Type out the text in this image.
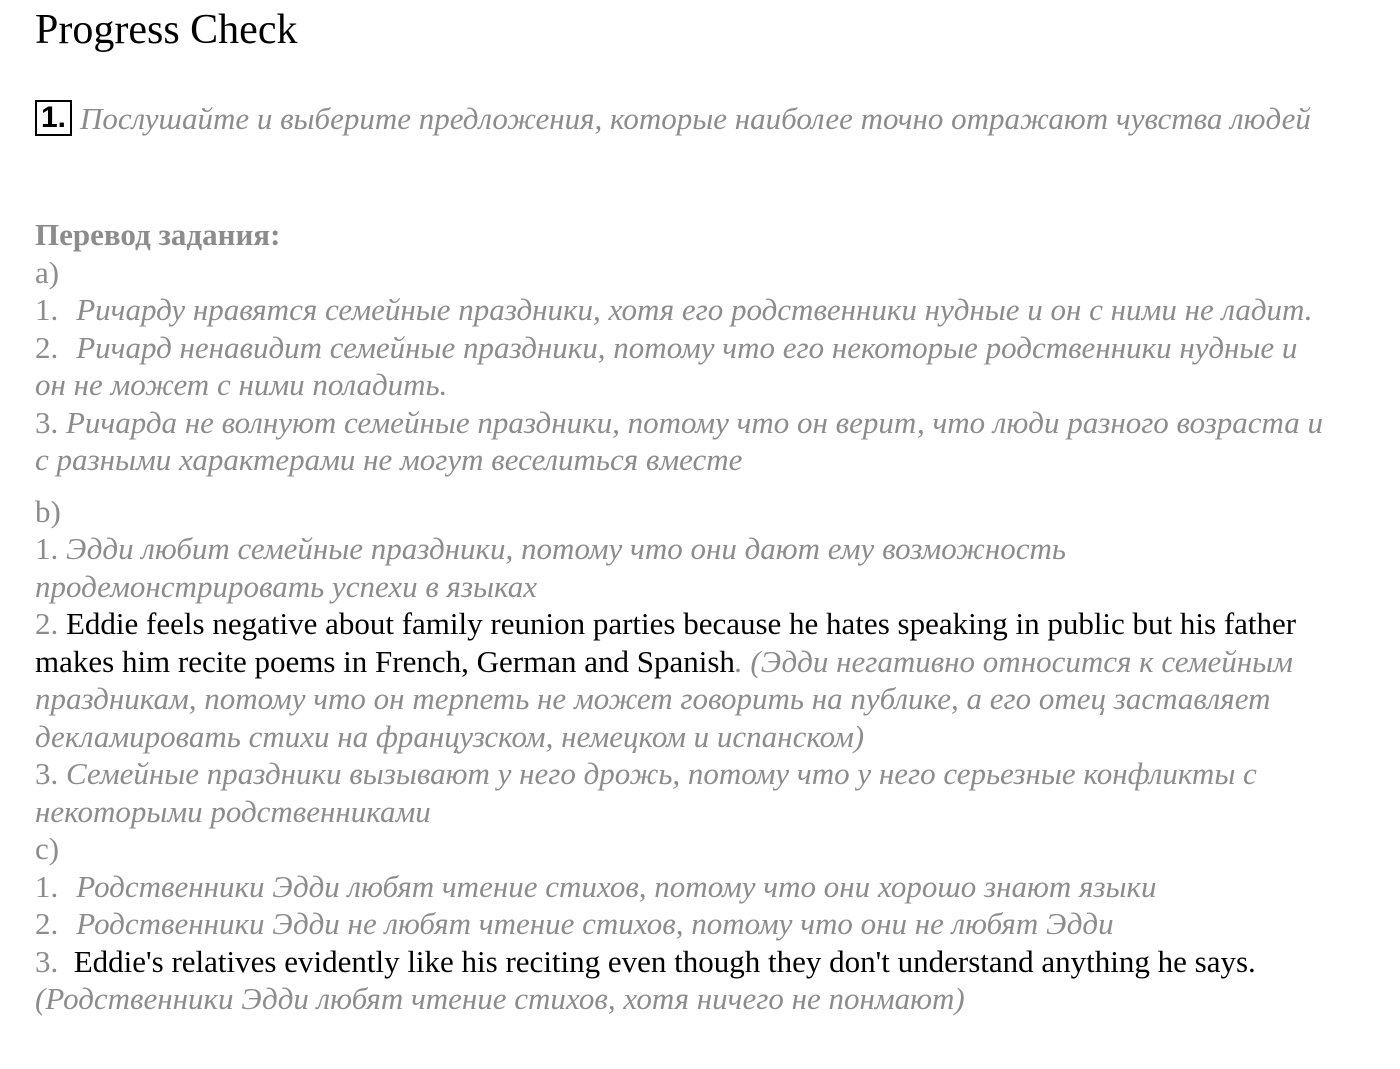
Progress Check
1. Послушайте и выберите предложения, которые наиболее точно отражают чувства людей

Перевод задания:

a)

1. Ричарду нравятся семейные праздники, хотя его родственники нудные и он с ними не ладит.

2. Ричард ненавидит семейные праздники, потому что его некоторые родственники нудные и он не может с ними поладить.

3. Ричарда не волнуют семейные праздники, потому что он верит, что люди разного возраста и с разными характерами не могут веселиться вместе

b)

1. Эдди любит семейные праздники, потому что они дают ему возможность продемонстрировать успехи в языках

2. Eddie feels negative about family reunion parties because he hates speaking in public but his father makes him recite poems in French, German and Spanish. (Эдди негативно относится к семейным праздникам, потому что он терпеть не может говорить на публике, а его отец заставляет декламировать стихи на французском, немецком и испанском)

3. Семейные праздники вызывают у него дрожь, потому что у него серьезные конфликты с некоторыми родственниками

c)

1. Родственники Эдди любят чтение стихов, потому что они хорошо знают языки

2. Родственники Эдди не любят чтение стихов, потому что они не любят Эдди

3. Eddie's relatives evidently like his reciting even though they don't understand anything he says. (Родственники Эдди любят чтение стихов, хотя ничего не понмают)
